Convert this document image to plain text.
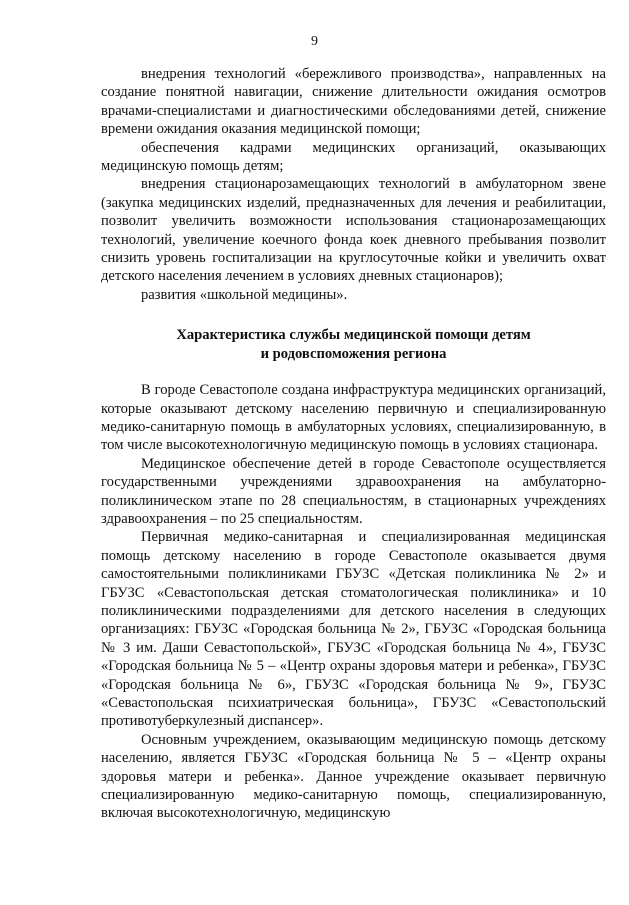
9

внедрения технологий «бережливого производства», направленных на создание понятной навигации, снижение длительности ожидания осмотров врачами-специалистами и диагностическими обследованиями детей, снижение времени ожидания оказания медицинской помощи;

обеспечения кадрами медицинских организаций, оказывающих медицинскую помощь детям;

внедрения стационарозамещающих технологий в амбулаторном звене (закупка медицинских изделий, предназначенных для лечения и реабилитации, позволит увеличить возможности использования стационарозамещающих технологий, увеличение коечного фонда коек дневного пребывания позволит снизить уровень госпитализации на круглосуточные койки и увеличить охват детского населения лечением в условиях дневных стационаров);

развития «школьной медицины».

Характеристика службы медицинской помощи детям
и родовспоможения региона

В городе Севастополе создана инфраструктура медицинских организаций, которые оказывают детскому населению первичную и специализированную медико-санитарную помощь в амбулаторных условиях, специализированную, в том числе высокотехнологичную медицинскую помощь в условиях стационара.

Медицинское обеспечение детей в городе Севастополе осуществляется государственными учреждениями здравоохранения на амбулаторно-поликлиническом этапе по 28 специальностям, в стационарных учреждениях здравоохранения – по 25 специальностям.

Первичная медико-санитарная и специализированная медицинская помощь детскому населению в городе Севастополе оказывается двумя самостоятельными поликлиниками ГБУЗС «Детская поликлиника № 2» и ГБУЗС «Севастопольская детская стоматологическая поликлиника» и 10 поликлиническими подразделениями для детского населения в следующих организациях: ГБУЗС «Городская больница № 2», ГБУЗС «Городская больница № 3 им. Даши Севастопольской», ГБУЗС «Городская больница № 4», ГБУЗС «Городская больница № 5 – «Центр охраны здоровья матери и ребенка», ГБУЗС «Городская больница № 6», ГБУЗС «Городская больница № 9», ГБУЗС «Севастопольская психиатрическая больница», ГБУЗС «Севастопольский противотуберкулезный диспансер».

Основным учреждением, оказывающим медицинскую помощь детскому населению, является ГБУЗС «Городская больница № 5 – «Центр охраны здоровья матери и ребенка». Данное учреждение оказывает первичную специализированную медико-санитарную помощь, специализированную, включая высокотехнологичную, медицинскую
